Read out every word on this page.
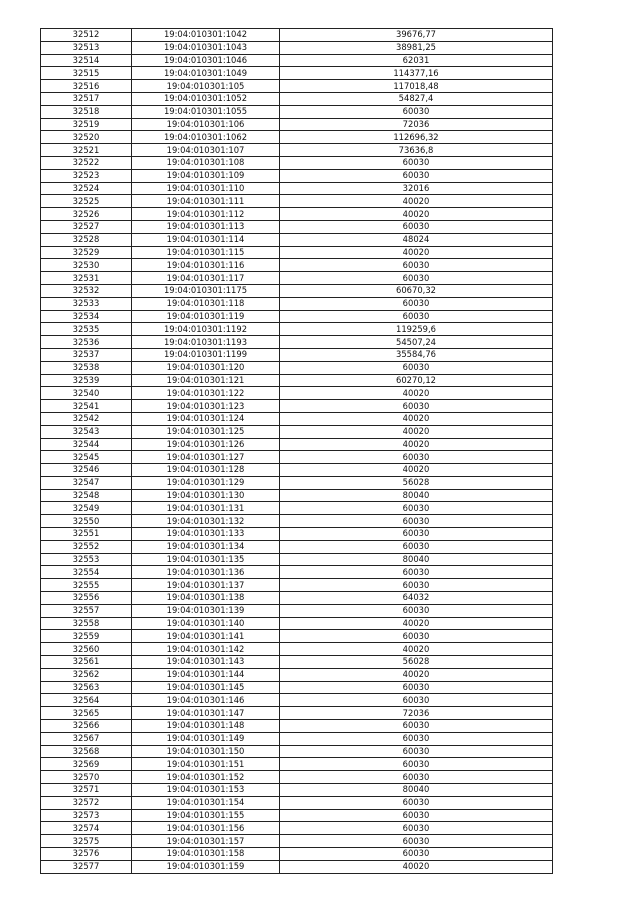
32512	19:04:010301:1042	39676,77
32513	19:04:010301:1043	38981,25
32514	19:04:010301:1046	62031
32515	19:04:010301:1049	114377,16
32516	19:04:010301:105	117018,48
32517	19:04:010301:1052	54827,4
32518	19:04:010301:1055	60030
32519	19:04:010301:106	72036
32520	19:04:010301:1062	112696,32
32521	19:04:010301:107	73636,8
32522	19:04:010301:108	60030
32523	19:04:010301:109	60030
32524	19:04:010301:110	32016
32525	19:04:010301:111	40020
32526	19:04:010301:112	40020
32527	19:04:010301:113	60030
32528	19:04:010301:114	48024
32529	19:04:010301:115	40020
32530	19:04:010301:116	60030
32531	19:04:010301:117	60030
32532	19:04:010301:1175	60670,32
32533	19:04:010301:118	60030
32534	19:04:010301:119	60030
32535	19:04:010301:1192	119259,6
32536	19:04:010301:1193	54507,24
32537	19:04:010301:1199	35584,76
32538	19:04:010301:120	60030
32539	19:04:010301:121	60270,12
32540	19:04:010301:122	40020
32541	19:04:010301:123	60030
32542	19:04:010301:124	40020
32543	19:04:010301:125	40020
32544	19:04:010301:126	40020
32545	19:04:010301:127	60030
32546	19:04:010301:128	40020
32547	19:04:010301:129	56028
32548	19:04:010301:130	80040
32549	19:04:010301:131	60030
32550	19:04:010301:132	60030
32551	19:04:010301:133	60030
32552	19:04:010301:134	60030
32553	19:04:010301:135	80040
32554	19:04:010301:136	60030
32555	19:04:010301:137	60030
32556	19:04:010301:138	64032
32557	19:04:010301:139	60030
32558	19:04:010301:140	40020
32559	19:04:010301:141	60030
32560	19:04:010301:142	40020
32561	19:04:010301:143	56028
32562	19:04:010301:144	40020
32563	19:04:010301:145	60030
32564	19:04:010301:146	60030
32565	19:04:010301:147	72036
32566	19:04:010301:148	60030
32567	19:04:010301:149	60030
32568	19:04:010301:150	60030
32569	19:04:010301:151	60030
32570	19:04:010301:152	60030
32571	19:04:010301:153	80040
32572	19:04:010301:154	60030
32573	19:04:010301:155	60030
32574	19:04:010301:156	60030
32575	19:04:010301:157	60030
32576	19:04:010301:158	60030
32577	19:04:010301:159	40020
